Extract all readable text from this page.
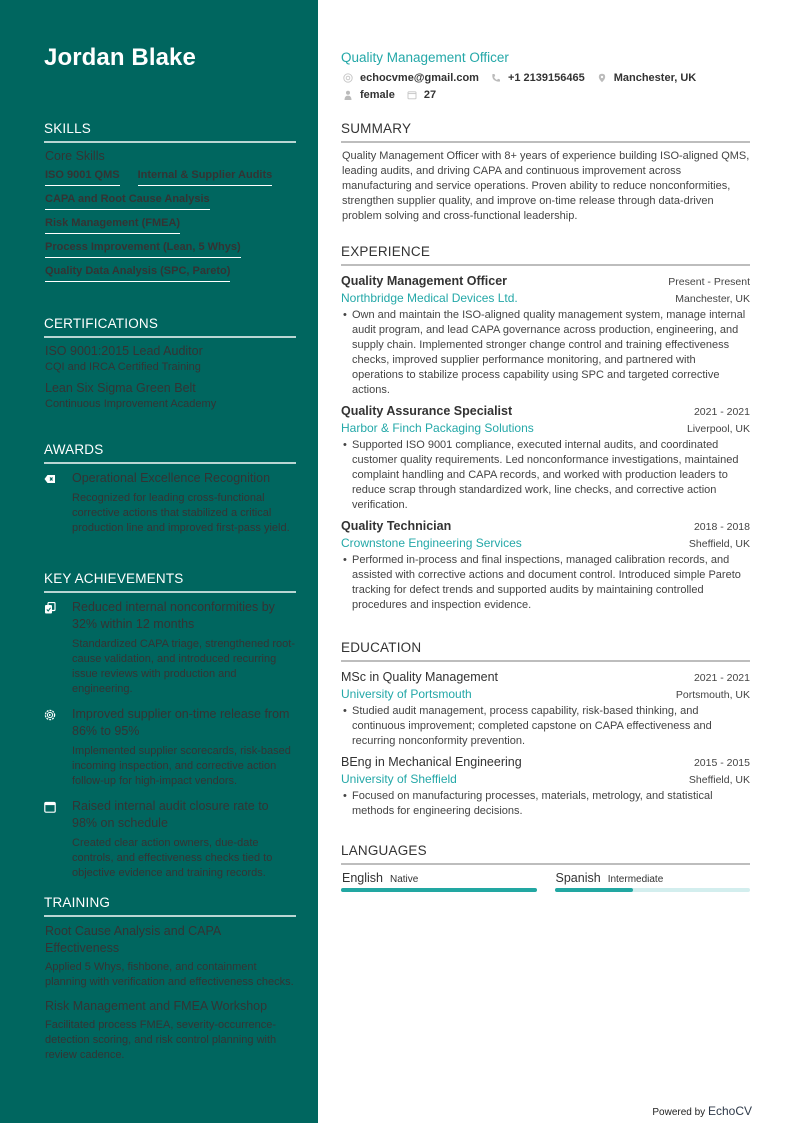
Jordan Blake
SKILLS
Core Skills
ISO 9001 QMS Internal & Supplier Audits
CAPA and Root Cause Analysis
Risk Management (FMEA)
Process Improvement (Lean, 5 Whys)
Quality Data Analysis (SPC, Pareto)
CERTIFICATIONS
ISO 9001:2015 Lead Auditor
CQI and IRCA Certified Training
Lean Six Sigma Green Belt
Continuous Improvement Academy
AWARDS
Operational Excellence Recognition
Recognized for leading cross-functional corrective actions that stabilized a critical production line and improved first-pass yield.
KEY ACHIEVEMENTS
Reduced internal nonconformities by 32% within 12 months
Standardized CAPA triage, strengthened root-cause validation, and introduced recurring issue reviews with production and engineering.
Improved supplier on-time release from 86% to 95%
Implemented supplier scorecards, risk-based incoming inspection, and corrective action follow-up for high-impact vendors.
Raised internal audit closure rate to 98% on schedule
Created clear action owners, due-date controls, and effectiveness checks tied to objective evidence and training records.
TRAINING
Root Cause Analysis and CAPA Effectiveness
Applied 5 Whys, fishbone, and containment planning with verification and effectiveness checks.
Risk Management and FMEA Workshop
Facilitated process FMEA, severity-occurrence-detection scoring, and risk control planning with review cadence.
Quality Management Officer
echocvme@gmail.com	+1 2139156465	Manchester, UK
female	27
SUMMARY
Quality Management Officer with 8+ years of experience building ISO-aligned QMS, leading audits, and driving CAPA and continuous improvement across manufacturing and service operations. Proven ability to reduce nonconformities, strengthen supplier quality, and improve on-time release through data-driven problem solving and cross-functional leadership.
EXPERIENCE
Quality Management Officer	Present - Present
Northbridge Medical Devices Ltd.	Manchester, UK
• Own and maintain the ISO-aligned quality management system, manage internal audit program, and lead CAPA governance across production, engineering, and supply chain. Implemented stronger change control and training effectiveness checks, improved supplier performance monitoring, and partnered with operations to stabilize process capability using SPC and targeted corrective actions.
Quality Assurance Specialist	2021 - 2021
Harbor & Finch Packaging Solutions	Liverpool, UK
• Supported ISO 9001 compliance, executed internal audits, and coordinated customer quality requirements. Led nonconformance investigations, maintained complaint handling and CAPA records, and worked with production leaders to reduce scrap through standardized work, line checks, and corrective action verification.
Quality Technician	2018 - 2018
Crownstone Engineering Services	Sheffield, UK
• Performed in-process and final inspections, managed calibration records, and assisted with corrective actions and document control. Introduced simple Pareto tracking for defect trends and supported audits by maintaining controlled procedures and inspection evidence.
EDUCATION
MSc in Quality Management	2021 - 2021
University of Portsmouth	Portsmouth, UK
• Studied audit management, process capability, risk-based thinking, and continuous improvement; completed capstone on CAPA effectiveness and recurring nonconformity prevention.
BEng in Mechanical Engineering	2015 - 2015
University of Sheffield	Sheffield, UK
• Focused on manufacturing processes, materials, metrology, and statistical methods for engineering decisions.
LANGUAGES
English Native	Spanish Intermediate
Powered by EchoCV
